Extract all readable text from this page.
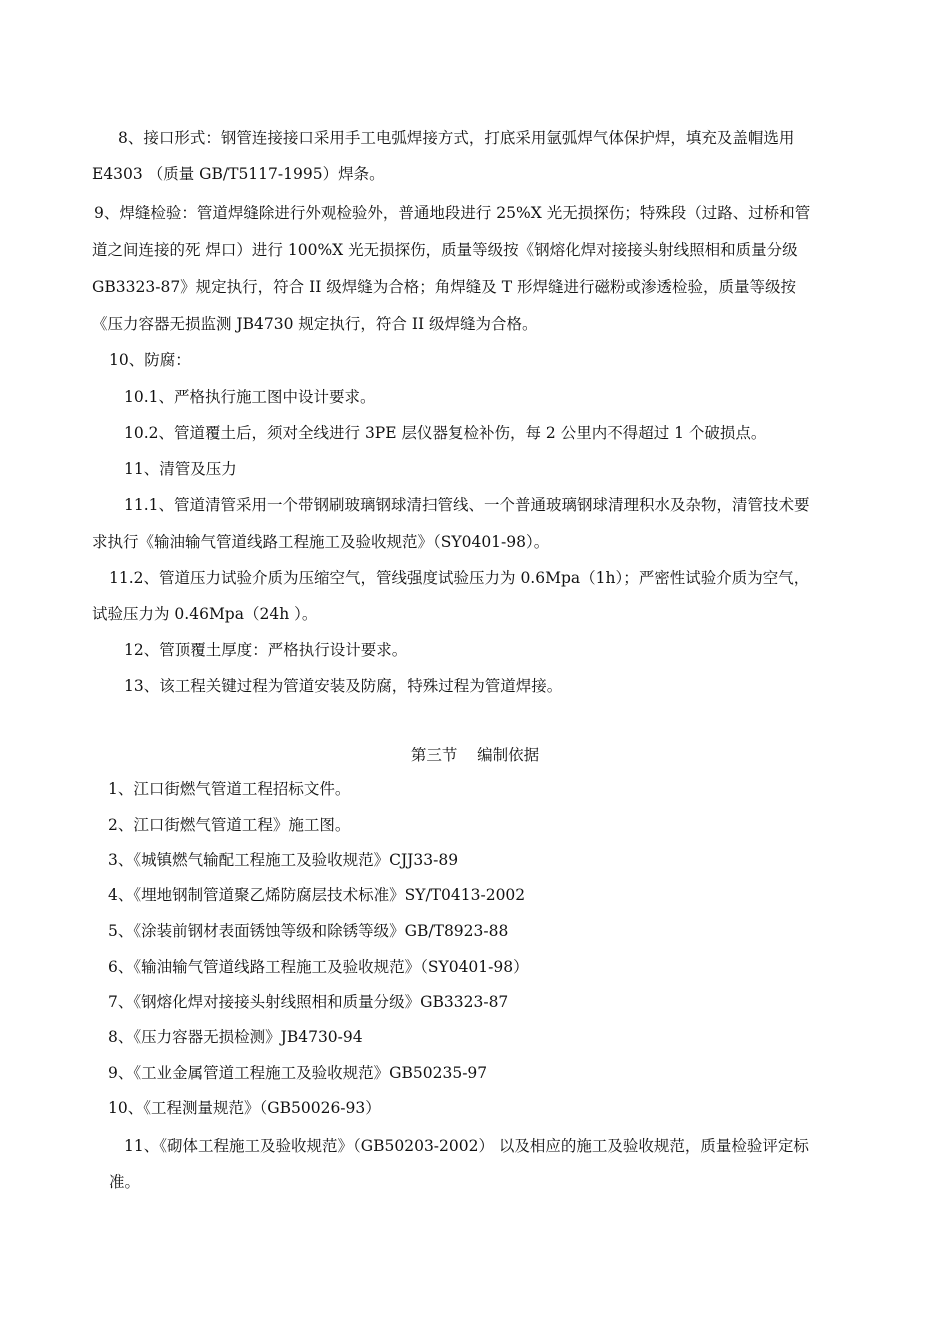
8、接口形式：钢管连接接口采用手工电弧焊接方式，打底采用氩弧焊气体保护焊，填充及盖帽选用
E4303 （质量 GB/T5117-1995）焊条。
9、焊缝检验：管道焊缝除进行外观检验外，普通地段进行 25%X 光无损探伤；特殊段（过路、过桥和管
道之间连接的死 焊口）进行 100%X 光无损探伤，质量等级按《钢熔化焊对接接头射线照相和质量分级
GB3323-87》规定执行，符合 II 级焊缝为合格；角焊缝及 T 形焊缝进行磁粉或渗透检验，质量等级按
《压力容器无损监测 JB4730 规定执行，符合 II 级焊缝为合格。
10、防腐：
10.1、严格执行施工图中设计要求。
10.2、管道覆土后，须对全线进行 3PE 层仪器复检补伤，每 2 公里内不得超过 1 个破损点。
11、清管及压力
11.1、管道清管采用一个带钢刷玻璃钢球清扫管线、一个普通玻璃钢球清理积水及杂物，清管技术要
求执行《输油输气管道线路工程施工及验收规范》（SY0401-98）。
11.2、管道压力试验介质为压缩空气，管线强度试验压力为 0.6Mpa（1h）；严密性试验介质为空气，
试验压力为 0.46Mpa（24h ）。
12、管顶覆土厚度：严格执行设计要求。
13、该工程关键过程为管道安装及防腐，特殊过程为管道焊接。
第三节    编制依据
1、江口街燃气管道工程招标文件。
2、江口街燃气管道工程》施工图。
3、《城镇燃气输配工程施工及验收规范》CJJ33-89
4、《埋地钢制管道聚乙烯防腐层技术标准》SY/T0413-2002
5、《涂装前钢材表面锈蚀等级和除锈等级》GB/T8923-88
6、《输油输气管道线路工程施工及验收规范》（SY0401-98）
7、《钢熔化焊对接接头射线照相和质量分级》GB3323-87
8、《压力容器无损检测》JB4730-94
9、《工业金属管道工程施工及验收规范》GB50235-97
10、《工程测量规范》（GB50026-93）
11、《砌体工程施工及验收规范》（GB50203-2002） 以及相应的施工及验收规范，质量检验评定标
准。
